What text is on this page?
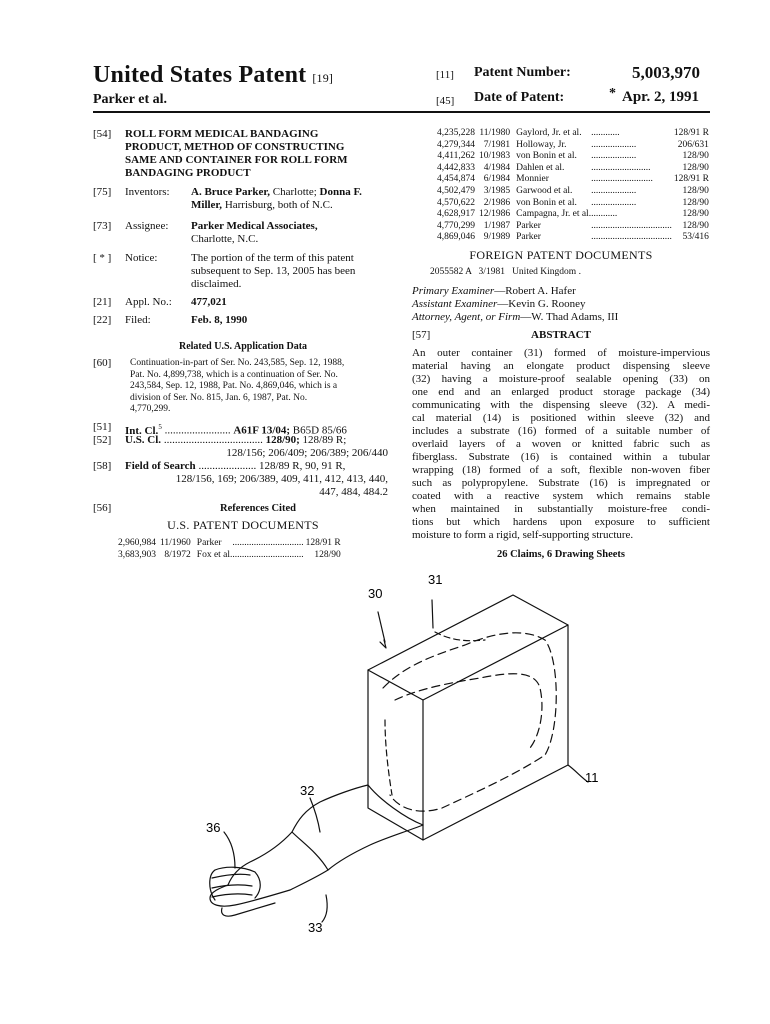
United States Patent [19]
Parker et al.
[11] Patent Number:	5,003,970
[45] Date of Patent:	* Apr. 2, 1991
[54] ROLL FORM MEDICAL BANDAGING
PRODUCT, METHOD OF CONSTRUCTING
SAME AND CONTAINER FOR ROLL FORM
BANDAGING PRODUCT
[75] Inventors: A. Bruce Parker, Charlotte; Donna F.
Miller, Harrisburg, both of N.C.
[73] Assignee: Parker Medical Associates,
Charlotte, N.C.
[ * ] Notice:	The portion of the term of this patent
subsequent to Sep. 13, 2005 has been
disclaimed.
[21] Appl. No.: 477,021
[22] Filed:	Feb. 8, 1990
Related U.S. Application Data
[60] Continuation-in-part of Ser. No. 243,585, Sep. 12, 1988,
Pat. No. 4,899,738, which is a continuation of Ser. No.
243,584, Sep. 12, 1988, Pat. No. 4,869,046, which is a
division of Ser. No. 815, Jan. 6, 1987, Pat. No.
4,770,299.
[51] Int. Cl.$^5$ ........................ A61F 13/04; B65D 85/66
[52] U.S. Cl. .................................... 128/90; 128/89 R;
128/156; 206/409; 206/389; 206/440
[58] Field of Search ..................... 128/89 R, 90, 91 R,
128/156, 169; 206/389, 409, 411, 412, 413, 440,
447, 484, 484.2
[56]	References Cited
U.S. PATENT DOCUMENTS
2,960,984	11/1960	Parker	..............................	128/91 R
3,683,903	8/1972	Fox et al.	..............................	128/90
4,235,228	11/1980	Gaylord, Jr. et al.	............	128/91 R
4,279,344	7/1981	Holloway, Jr.	...................	206/631
4,411,262	10/1983	von Bonin et al.	...................	128/90
4,442,833	4/1984	Dahlen et al.	.........................	128/90
4,454,874	6/1984	Monnier	..........................	128/91 R
4,502,479	3/1985	Garwood et al.	...................	128/90
4,570,622	2/1986	von Bonin et al.	...................	128/90
4,628,917	12/1986	Campagna, Jr. et al.	...........	128/90
4,770,299	1/1987	Parker	..................................	128/90
4,869,046	9/1989	Parker	..................................	53/416
FOREIGN PATENT DOCUMENTS
2055582 A   3/1981   United Kingdom .
Primary Examiner—Robert A. Hafer
Assistant Examiner—Kevin G. Rooney
Attorney, Agent, or Firm—W. Thad Adams, III
[57]	ABSTRACT
An outer container (31) formed of moisture-impervious
material having an elongate product dispensing sleeve
(32) having a moisture-proof sealable opening (33) on
one end and an enlarged product storage package (34)
communicating with the dispensing sleeve (32). A medi-
cal material (14) is positioned within sleeve (32) and
includes a substrate (16) formed of a suitable number of
overlaid layers of a woven or knitted fabric such as
fiberglass. Substrate (16) is contained within a tubular
wrapping (18) formed of a soft, flexible non-woven fiber
such as polypropylene. Substrate (16) is impregnated or
coated with a reactive system which remains stable
when maintained in substantially moisture-free condi-
tions but which hardens upon exposure to sufficient
moisture to form a rigid, self-supporting structure.
26 Claims, 6 Drawing Sheets
31
30
32
36
11
33
